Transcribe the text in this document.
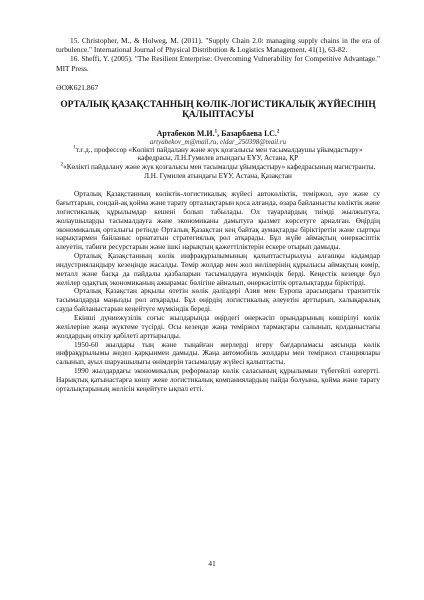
15. Christopher, M., & Holweg, M. (2011). "Supply Chain 2.0: managing supply chains in the era of turbulence." International Journal of Physical Distribution & Logistics Management, 41(1), 63-82.

16. Sheffi, Y. (2005). "The Resilient Enterprise: Overcoming Vulnerability for Competitive Advantage." MIT Press.

ӘОЖ621.867

ОРТАЛЫҚ ҚАЗАҚСТАННЫҢ КӨЛІК-ЛОГИСТИКАЛЫҚ ЖҮЙЕСІНІҢ ҚАЛЫПТАСУЫ

Артабеков М.И.$^1$, Базарбаева І.С.$^2$

artyabekov_m@mail.ru, eldar_250398@mail.ru

$^1$т.ғ.д., профессор «Көлікті пайдалану және жүк қозғалысы мен тасымалдаушы ұйымдастыру» кафедрасы, Л.Н.Гумилев атындағы ЕҰУ, Астана, ҚР

$^2$«Көлікті пайдалану және жүк қозғалысы мен тасымалды ұйымдастыру» кафедрасының магистранты, Л.Н. Гумилев атындағы ЕҰУ, Астана, Қазақстан

Орталық Қазақстанның көліктік-логистикалық жүйесі автокөліктік, теміржол, әуе және су бағыттарын, сондай-ақ қойма және тарату орталықтарын қоса алғанда, өзара байланысты көліктік және логистикалық құрылымдар кешені болып табылады. Ол тауарлардың тиімді жылжытуға, жолаушыларды тасымалдауға және экономиканы дамытуға қызмет көрсетуге арналған. Өңірдің экономикалық орталығы ретінде Орталық Қазақстан кең байтақ аумақтарды біріктіретін және сыртқы нарықтармен байланыс орнататын стратегиялық рөл атқарады. Бұл жүйе аймақтың өнеркәсіптік әлеуетін, табиғи ресурстарын және ішкі нарықтың қажеттіліктерін ескере отырып дамыды.

Орталық Қазақстанның көлік инфрақұрылымының қалыптастырылуы алғашқы кадамдар индустрияландыру кезеңінде жасалды. Темір жолдар мен жол желілерінің құрылысы аймақтың көмір, металл және басқа да пайдалы қазбаларын тасымалдауға мүмкіндік берді. Кеңестік кезеңде бұл желілер одақтық экономиканың ажырамас бөлігіне айналып, өнеркәсіптік орталықтарды біріктірді.

Орталық Қазақстан арқылы өтетін көлік дәліздері Азия мен Еуропа арасындағы транзиттік тасымалдарда маңызды рөл атқарады. Бұл өңірдің логистикалық әлеуетін арттырып, халықаралық сауда байланыстарын кеңейтуге мүмкіндік береді.

Екінші дүниежүзілік соғыс жылдарында өңірдегі өнеркәсіп орындарының көшірілуі көлік желілеріне жаңа жүктеме түсірді. Осы кезеңде жаңа теміржол тармақтары салынып, қолданыстағы жолдардың өткізу қабілеті арттырылды.

1950-60 жылдары тың және тыңайған жерлерді игеру бағдарламасы аясында көлік инфрақұрылымы жедел қарқынмен дамыды. Жаңа автомобиль жолдары мен теміржол станциялары салынып, ауыл шаруашылығы өнімдерін тасымалдау жүйесі қалыптасты.

1990 жылдардағы экономикалық реформалар көлік саласының құрылымын түбегейлі өзгертті. Нарықтық қатынастарға көшу жеке логистикалық компаниялардың пайда болуына, қойма және тарату орталықтарының желісін кеңейтуге ықпал етті.

41
